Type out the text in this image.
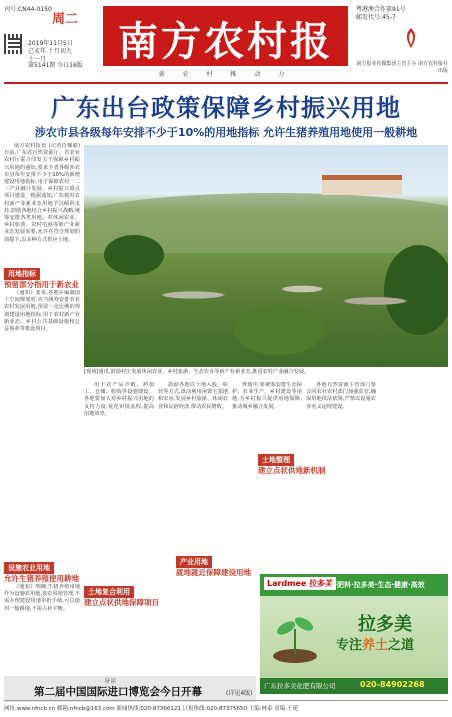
刊号:CN44-0150
周二
2019年11月5日
己亥年 十月初九
十一月
第5141期 今日16版
南方农村报
新 农 村 推 动 力
粤港澳合作第91号
邮发代号:45-7
南方报业传媒集团主管主办 南方农村报社出版
广东出台政策保障乡村振兴用地
涉农市县各级每年安排不少于10%的用地指标 允许生猪养殖用地使用一般耕地

南方农村报讯 (记者肖佩聪)日前,广东省自然资源厅、省农业农村厅联合印发关于保障乡村振兴用地的通知,要求全省各级涉农市县每年安排不少于10%的新增建设用地指标,用于保障农村一二三产业融合发展、乡村振兴重点项目建设。根据通知,广东将对农村新产业新业态用地予以倾斜支持,鼓励各地结合乡村振兴战略,统筹安排各类用地。对休闲农业、乡村旅游、农村电商等新产业新业态发展需要,允许在符合规划的前提下,以多种方式供应土地。

用地指标
预留部分指用于新农业

《通知》要求,各地在编制国土空间规划时,应当统筹安排农业农村发展用地,预留一定比例的规划建设用地指标,用于农村新产业新业态、乡村公共基础设施和公益事业等建设项目。

设施农业用地
允许生猪养殖使用耕地

《通知》明确,生猪养殖用地作为设施农用地,按农用地管理,不需办理建设用地审批手续,可以使用一般耕地,不需占补平衡。

[现场]通讯,鼓励村庄发展休闲农业、乡村旅游、生态农业等新产业新业态,推进农村产业融合发展。

用于农产品冷链、初加工、仓储、收购等设施建设。各地要加大对乡村振兴用地的支持力度,优化审批流程,提高用地效率。

土地复合利用
建立点状供地保障项目

鼓励各地以土地入股、联营等方式,盘活利用闲置宅基地和农房,发展乡村旅游、休闲农业和民宿经济,带动农民增收。

规划中,要统筹安排生态保护、农业生产、乡村建设等用地,为乡村振兴提供用地保障,推动城乡融合发展。

产业用地
就地就近保障建设用地

各地自然资源主管部门要会同农业农村部门加强监管,确保用地依法依规,严禁以设施农业名义违规建设。

土地整理
建立点状供地新机制
Lardmee 拉多美
好肥料·拉多美·生态·健康·高效
拉多美
专注养土之道
广东拉多美化肥有限公司	020-84902268
导读
第二届中国国际进口博览会今日开幕	(详见4版)
网址:www.nfncb.cn 邮箱:nfncb@163.com 新闻热线:020-87366121 订报热线:020-87375650 主编:林泰 责编:王冕
